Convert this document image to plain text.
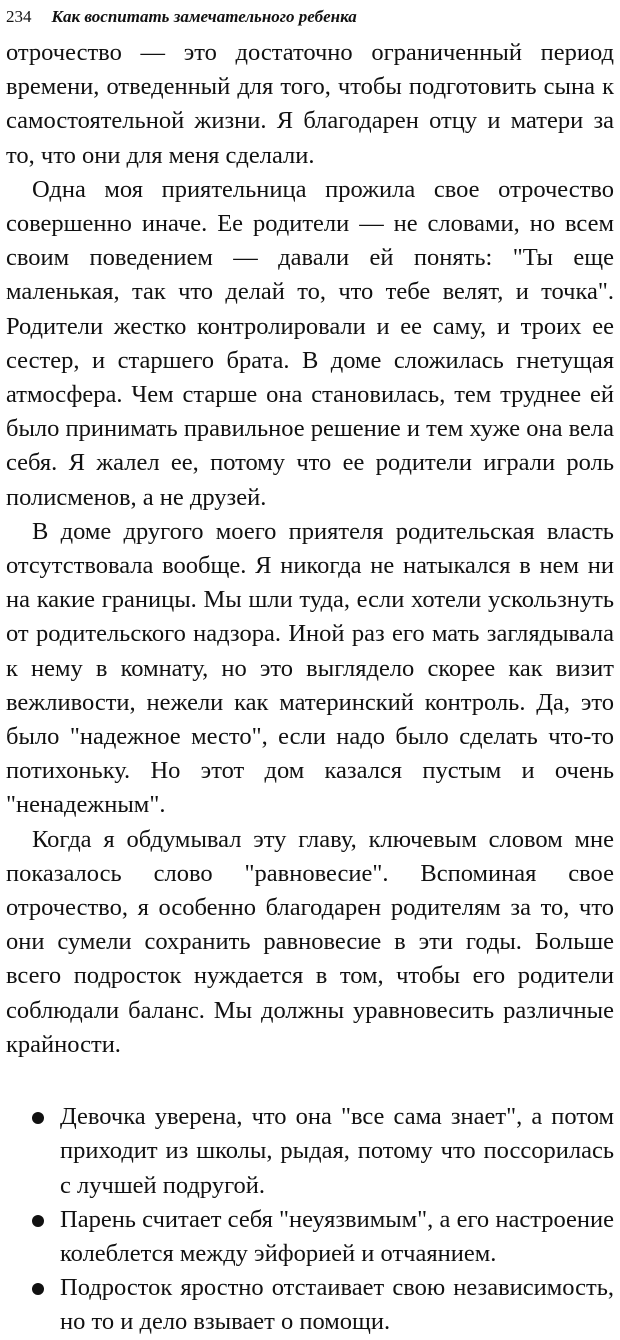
234 Как воспитать замечательного ребенка

отрочество — это достаточно ограниченный период времени, отведенный для того, чтобы подготовить сына к самостоятельной жизни. Я благодарен отцу и матери за то, что они для меня сделали.

Одна моя приятельница прожила свое отрочество совершенно иначе. Ее родители — не словами, но всем своим поведением — давали ей понять: "Ты еще маленькая, так что делай то, что тебе велят, и точка". Родители жестко контролировали и ее саму, и троих ее сестер, и старшего брата. В доме сложилась гнетущая атмосфера. Чем старше она становилась, тем труднее ей было принимать правильное решение и тем хуже она вела себя. Я жалел ее, потому что ее родители играли роль полисменов, а не друзей.

В доме другого моего приятеля родительская власть отсутствовала вообще. Я никогда не натыкался в нем ни на какие границы. Мы шли туда, если хотели ускользнуть от родительского надзора. Иной раз его мать заглядывала к нему в комнату, но это выглядело скорее как визит вежливости, нежели как материнский контроль. Да, это было "надежное место", если надо было сделать что-то потихоньку. Но этот дом казался пустым и очень "ненадежным".

Когда я обдумывал эту главу, ключевым словом мне показалось слово "равновесие". Вспоминая свое отрочество, я особенно благодарен родителям за то, что они сумели сохранить равновесие в эти годы. Больше всего подросток нуждается в том, чтобы его родители соблюдали баланс. Мы должны уравновесить различные крайности.

Девочка уверена, что она "все сама знает", а потом приходит из школы, рыдая, потому что поссорилась с лучшей подругой.
Парень считает себя "неуязвимым", а его настроение колеблется между эйфорией и отчаянием.
Подросток яростно отстаивает свою независимость, но то и дело взывает о помощи.
